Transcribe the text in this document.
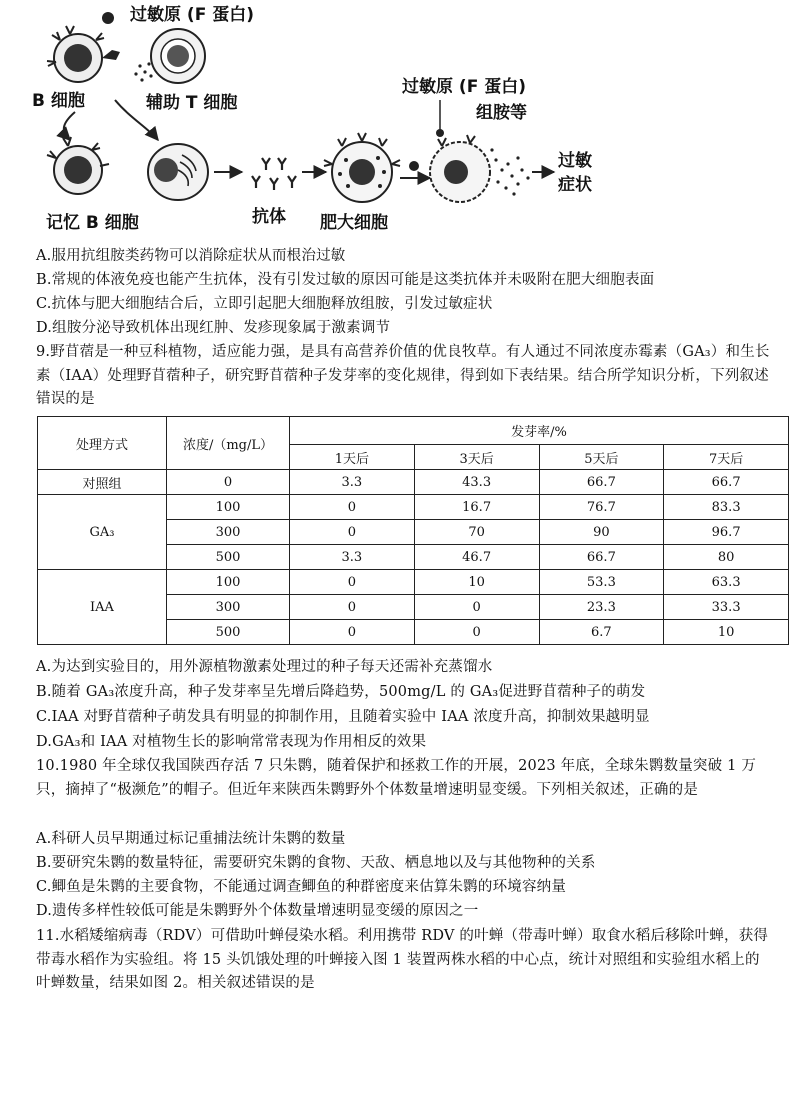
过敏原 (F 蛋白)
B 细胞	辅助 T 细胞
记忆 B 细胞	抗体 肥大细胞
过敏原 (F 蛋白)
组胺等
过敏
症状
A.服用抗组胺类药物可以消除症状从而根治过敏
B.常规的体液免疫也能产生抗体，没有引发过敏的原因可能是这类抗体并未吸附在肥大细胞表面
C.抗体与肥大细胞结合后，立即引起肥大细胞释放组胺，引发过敏症状
D.组胺分泌导致机体出现红肿、发疹现象属于激素调节
9.野苜蓿是一种豆科植物，适应能力强，是具有高营养价值的优良牧草。有人通过不同浓度赤霉素（GA₃）和生长素（IAA）处理野苜蓿种子，研究野苜蓿种子发芽率的变化规律，得到如下表结果。结合所学知识分析，下列叙述错误的是
处理方式	浓度/（mg/L）	发芽率/%			
		1天后	3天后	5天后	7天后
对照组	0	3.3	43.3	66.7	66.7
GA₃	100	0	16.7	76.7	83.3
	300	0	70	90	96.7
	500	3.3	46.7	66.7	80
IAA	100	0	10	53.3	63.3
	300	0	0	23.3	33.3
	500	0	0	6.7	10
A.为达到实验目的，用外源植物激素处理过的种子每天还需补充蒸馏水
B.随着 GA₃浓度升高，种子发芽率呈先增后降趋势，500mg/L 的 GA₃促进野苜蓿种子的萌发
C.IAA 对野苜蓿种子萌发具有明显的抑制作用，且随着实验中 IAA 浓度升高，抑制效果越明显
D.GA₃和 IAA 对植物生长的影响常常表现为作用相反的效果
10.1980 年全球仅我国陕西存活 7 只朱鹮，随着保护和拯救工作的开展，2023 年底，全球朱鹮数量突破 1 万只，摘掉了“极濒危”的帽子。但近年来陕西朱鹮野外个体数量增速明显变缓。下列相关叙述，正确的是
A.科研人员早期通过标记重捕法统计朱鹮的数量
B.要研究朱鹮的数量特征，需要研究朱鹮的食物、天敌、栖息地以及与其他物种的关系
C.鲫鱼是朱鹮的主要食物，不能通过调查鲫鱼的种群密度来估算朱鹮的环境容纳量
D.遗传多样性较低可能是朱鹮野外个体数量增速明显变缓的原因之一
11.水稻矮缩病毒（RDV）可借助叶蝉侵染水稻。利用携带 RDV 的叶蝉（带毒叶蝉）取食水稻后移除叶蝉，获得带毒水稻作为实验组。将 15 头饥饿处理的叶蝉接入图 1 装置两株水稻的中心点，统计对照组和实验组水稻上的叶蝉数量，结果如图 2。相关叙述错误的是
